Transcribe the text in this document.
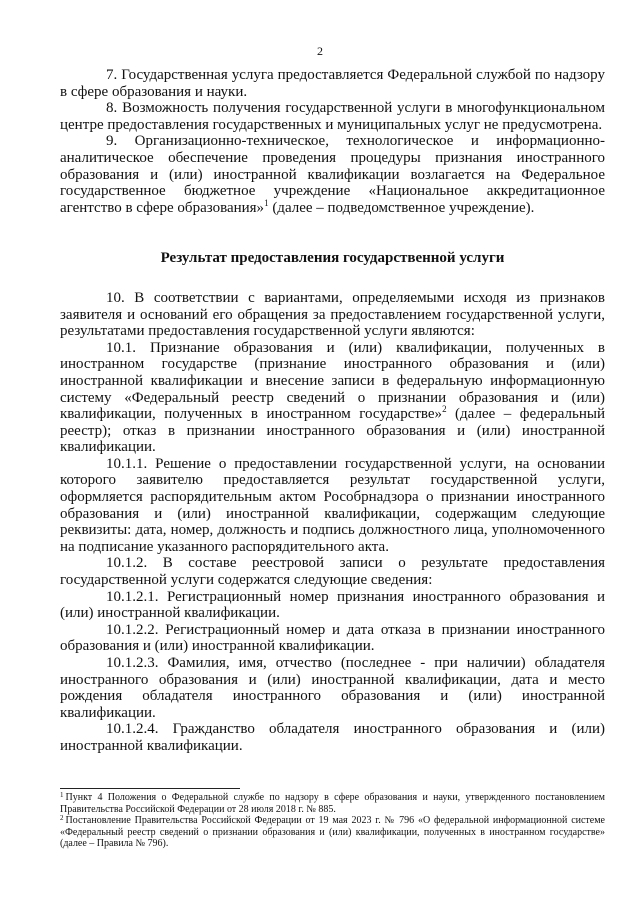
2

7. Государственная услуга предоставляется Федеральной службой по надзору в сфере образования и науки.

8. Возможность получения государственной услуги в многофункциональном центре предоставления государственных и муниципальных услуг не предусмотрена.

9. Организационно-техническое, технологическое и информационно-аналитическое обеспечение проведения процедуры признания иностранного образования и (или) иностранной квалификации возлагается на Федеральное государственное бюджетное учреждение «Национальное аккредитационное агентство в сфере образования»$^1$ (далее – подведомственное учреждение).

Результат предоставления государственной услуги

10. В соответствии с вариантами, определяемыми исходя из признаков заявителя и оснований его обращения за предоставлением государственной услуги, результатами предоставления государственной услуги являются:

10.1. Признание образования и (или) квалификации, полученных в иностранном государстве (признание иностранного образования и (или) иностранной квалификации и внесение записи в федеральную информационную систему «Федеральный реестр сведений о признании образования и (или) квалификации, полученных в иностранном государстве»$^2$ (далее – федеральный реестр); отказ в признании иностранного образования и (или) иностранной квалификации.

10.1.1. Решение о предоставлении государственной услуги, на основании которого заявителю предоставляется результат государственной услуги, оформляется распорядительным актом Рособрнадзора о признании иностранного образования и (или) иностранной квалификации, содержащим следующие реквизиты: дата, номер, должность и подпись должностного лица, уполномоченного на подписание указанного распорядительного акта.

10.1.2. В составе реестровой записи о результате предоставления государственной услуги содержатся следующие сведения:

10.1.2.1. Регистрационный номер признания иностранного образования и (или) иностранной квалификации.

10.1.2.2. Регистрационный номер и дата отказа в признании иностранного образования и (или) иностранной квалификации.

10.1.2.3. Фамилия, имя, отчество (последнее - при наличии) обладателя иностранного образования и (или) иностранной квалификации, дата и место рождения обладателя иностранного образования и (или) иностранной квалификации.

10.1.2.4. Гражданство обладателя иностранного образования и (или) иностранной квалификации.

$^1$ Пункт 4 Положения о Федеральной службе по надзору в сфере образования и науки, утвержденного постановлением Правительства Российской Федерации от 28 июля 2018 г. № 885.

$^2$ Постановление Правительства Российской Федерации от 19 мая 2023 г. № 796 «О федеральной информационной системе «Федеральный реестр сведений о признании образования и (или) квалификации, полученных в иностранном государстве» (далее – Правила № 796).
